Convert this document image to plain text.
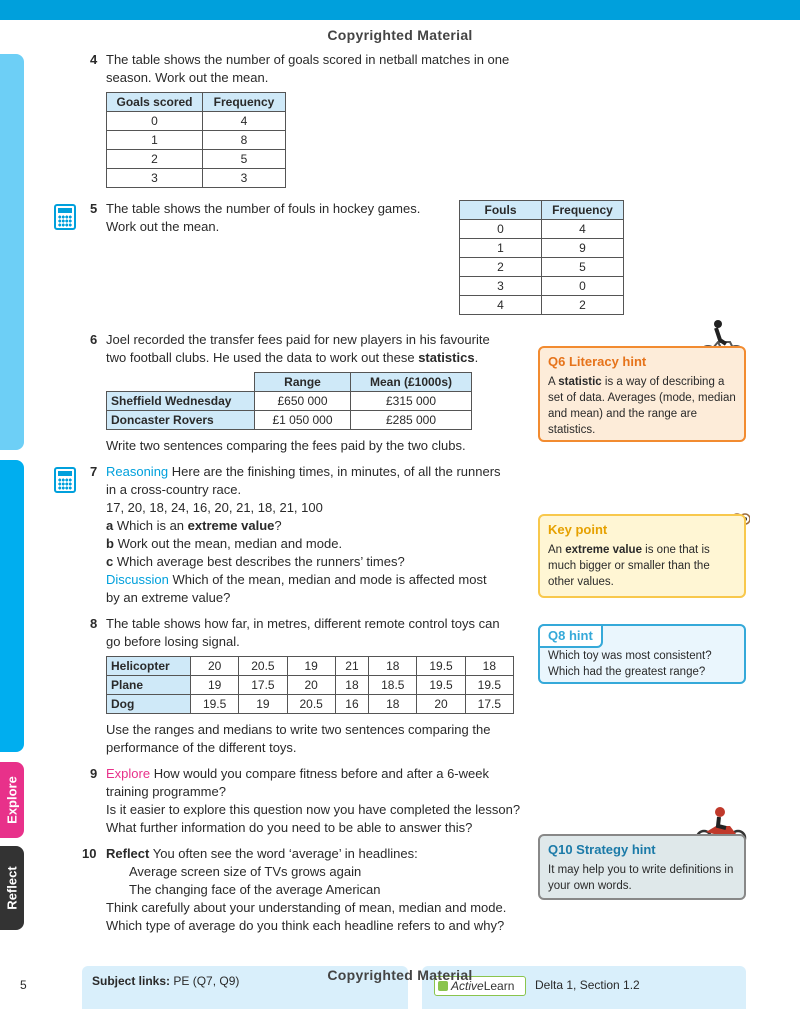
Copyrighted Material
Explore
Reflect
4 The table shows the number of goals scored in netball matches in one
season. Work out the mean.
Goals scored	Frequency
0	4
1	8
2	5
3	3
5 The table shows the number of fouls in hockey games.
Work out the mean.
Fouls	Frequency
0	4
1	9
2	5
3	0
4	2
6 Joel recorded the transfer fees paid for new players in his favourite
two football clubs. He used the data to work out these statistics.
	Range	Mean (£1000s)
Sheffield Wednesday	£650 000	£315 000
Doncaster Rovers	£1 050 000	£285 000
Write two sentences comparing the fees paid by the two clubs.
Q6 Literacy hint
A statistic is a way of describing a set of data. Averages (mode, median and mean) and the range are statistics.
7 Reasoning Here are the finishing times, in minutes, of all the runners
in a cross-country race.
17, 20, 18, 24, 16, 20, 21, 18, 21, 100
a Which is an extreme value?
b Work out the mean, median and mode.
c Which average best describes the runners’ times?
Discussion Which of the mean, median and mode is affected most
by an extreme value?
Key point
An extreme value is one that is much bigger or smaller than the other values.
8 The table shows how far, in metres, different remote control toys can
go before losing signal.
Helicopter	20	20.5	19	21	18	19.5	18
Plane	19	17.5	20	18	18.5	19.5	19.5
Dog	19.5	19	20.5	16	18	20	17.5
Use the ranges and medians to write two sentences comparing the
performance of the different toys.
Q8 hint
Which toy was most consistent? Which had the greatest range?
9 Explore How would you compare fitness before and after a 6-week
training programme?
Is it easier to explore this question now you have completed the lesson?
What further information do you need to be able to answer this?
10 Reflect You often see the word ‘average’ in headlines:
Average screen size of TVs grows again
The changing face of the average American
Think carefully about your understanding of mean, median and mode.
Which type of average do you think each headline refers to and why?
Q10 Strategy hint
It may help you to write definitions in your own words.
Subject links: PE (Q7, Q9)	Delta 1, Section 1.2
ActiveLearn
Copyrighted Material
5
